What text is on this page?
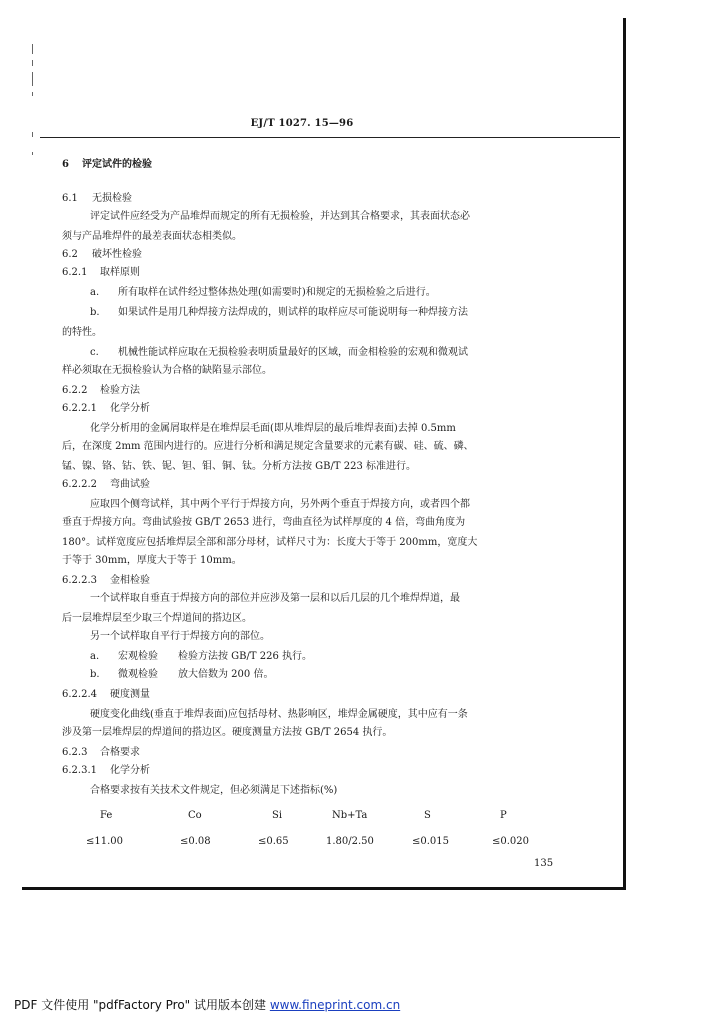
EJ/T 1027. 15—96
6 评定试件的检验
6.1 无损检验
评定试件应经受为产品堆焊而规定的所有无损检验，并达到其合格要求，其表面状态必
须与产品堆焊件的最差表面状态相类似。
6.2 破坏性检验
6.2.1 取样原则
a. 所有取样在试件经过整体热处理(如需要时)和规定的无损检验之后进行。
b. 如果试件是用几种焊接方法焊成的，则试样的取样应尽可能说明每一种焊接方法
的特性。
c. 机械性能试样应取在无损检验表明质量最好的区域，而金相检验的宏观和微观试
样必须取在无损检验认为合格的缺陷显示部位。
6.2.2 检验方法
6.2.2.1 化学分析
化学分析用的金属屑取样是在堆焊层毛面(即从堆焊层的最后堆焊表面)去掉 0.5mm
后，在深度 2mm 范围内进行的。应进行分析和满足规定含量要求的元素有碳、硅、硫、磷、
锰、镍、铬、钴、铁、铌、钽、钼、铜、钛。分析方法按 GB/T 223 标准进行。
6.2.2.2 弯曲试验
应取四个侧弯试样，其中两个平行于焊接方向，另外两个垂直于焊接方向，或者四个都
垂直于焊接方向。弯曲试验按 GB/T 2653 进行，弯曲直径为试样厚度的 4 倍，弯曲角度为
180°。试样宽度应包括堆焊层全部和部分母材，试样尺寸为：长度大于等于 200mm，宽度大
于等于 30mm，厚度大于等于 10mm。
6.2.2.3 金相检验
一个试样取自垂直于焊接方向的部位并应涉及第一层和以后几层的几个堆焊焊道，最
后一层堆焊层至少取三个焊道间的搭边区。
另一个试样取自平行于焊接方向的部位。
a. 宏观检验 检验方法按 GB/T 226 执行。
b. 微观检验 放大倍数为 200 倍。
6.2.2.4 硬度测量
硬度变化曲线(垂直于堆焊表面)应包括母材、热影响区，堆焊金属硬度，其中应有一条
涉及第一层堆焊层的焊道间的搭边区。硬度测量方法按 GB/T 2654 执行。
6.2.3 合格要求
6.2.3.1 化学分析
合格要求按有关技术文件规定，但必须满足下述指标(%)
Fe	Co	Si	Nb+Ta	S	P
≤11.00	≤0.08	≤0.65	1.80/2.50	≤0.015	≤0.020
135
PDF 文件使用 "pdfFactory Pro" 试用版本创建 www.fineprint.com.cn
